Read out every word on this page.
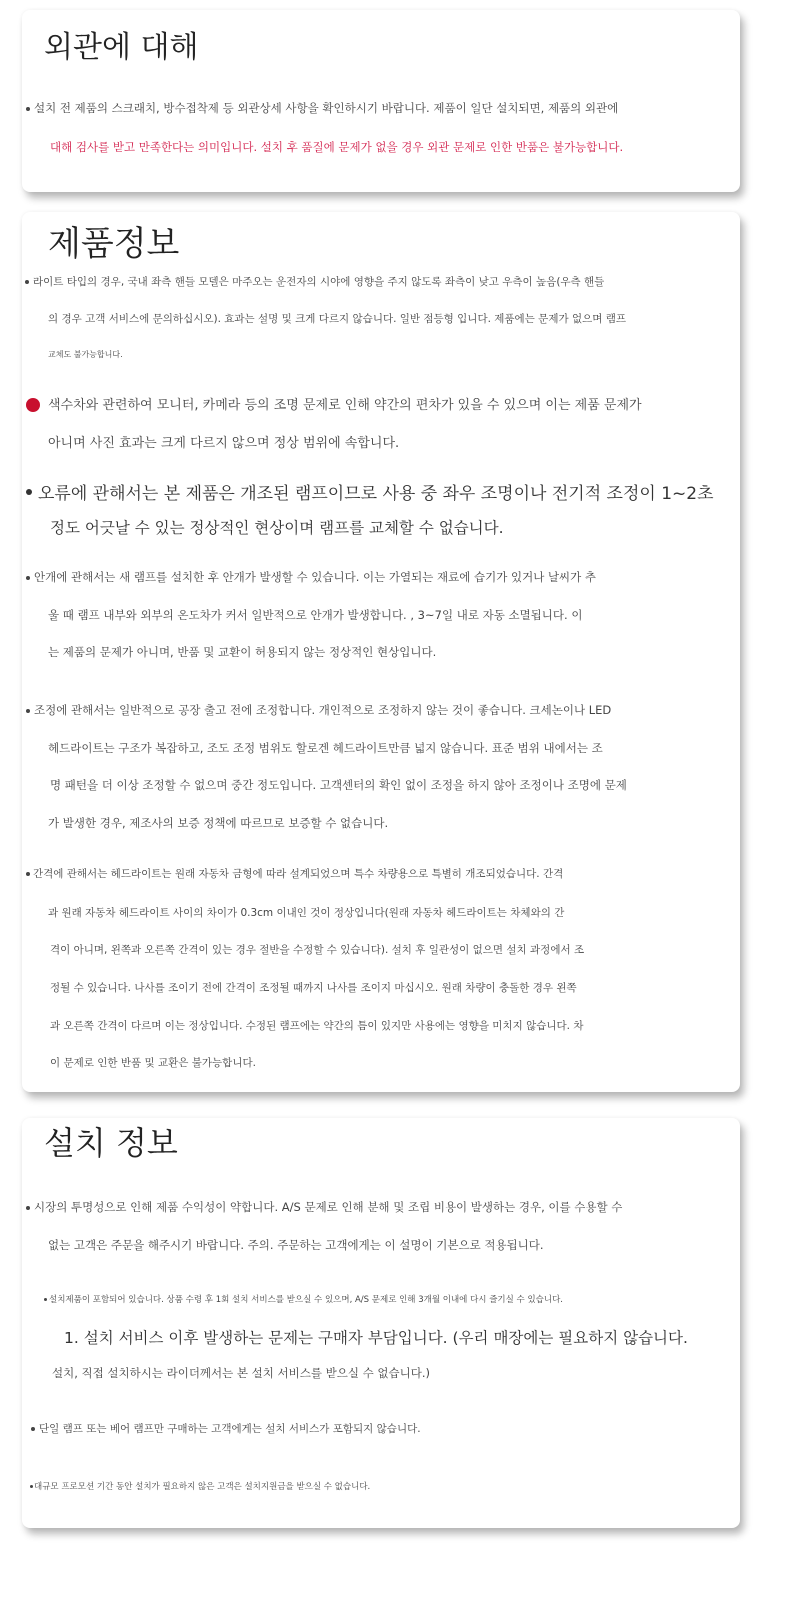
외관에 대해
설치 전 제품의 스크래치, 방수접착제 등 외관상세 사항을 확인하시기 바랍니다. 제품이 일단 설치되면, 제품의 외관에
대해 검사를 받고 만족한다는 의미입니다. 설치 후 품질에 문제가 없을 경우 외관 문제로 인한 반품은 불가능합니다.
제품정보
라이트 타입의 경우, 국내 좌측 핸들 모델은 마주오는 운전자의 시야에 영향을 주지 않도록 좌측이 낮고 우측이 높음(우측 핸들
의 경우 고객 서비스에 문의하십시오). 효과는 설명 및 크게 다르지 않습니다. 일반 점등형 입니다. 제품에는 문제가 없으며 램프
교체도 불가능합니다.
색수차와 관련하여 모니터, 카메라 등의 조명 문제로 인해 약간의 편차가 있을 수 있으며 이는 제품 문제가
아니며 사진 효과는 크게 다르지 않으며 정상 범위에 속합니다.
오류에 관해서는 본 제품은 개조된 램프이므로 사용 중 좌우 조명이나 전기적 조정이 1~2초
정도 어긋날 수 있는 정상적인 현상이며 램프를 교체할 수 없습니다.
안개에 관해서는 새 램프를 설치한 후 안개가 발생할 수 있습니다. 이는 가열되는 재료에 습기가 있거나 날씨가 추
울 때 램프 내부와 외부의 온도차가 커서 일반적으로 안개가 발생합니다. , 3~7일 내로 자동 소멸됩니다. 이
는 제품의 문제가 아니며, 반품 및 교환이 허용되지 않는 정상적인 현상입니다.
조정에 관해서는 일반적으로 공장 출고 전에 조정합니다. 개인적으로 조정하지 않는 것이 좋습니다. 크세논이나 LED
헤드라이트는 구조가 복잡하고, 조도 조정 범위도 할로겐 헤드라이트만큼 넓지 않습니다. 표준 범위 내에서는 조
명 패턴을 더 이상 조정할 수 없으며 중간 정도입니다. 고객센터의 확인 없이 조정을 하지 않아 조정이나 조명에 문제
가 발생한 경우, 제조사의 보증 정책에 따르므로 보증할 수 없습니다.
간격에 관해서는 헤드라이트는 원래 자동차 금형에 따라 설계되었으며 특수 차량용으로 특별히 개조되었습니다. 간격
과 원래 자동차 헤드라이트 사이의 차이가 0.3cm 이내인 것이 정상입니다(원래 자동차 헤드라이트는 차체와의 간
격이 아니며, 왼쪽과 오른쪽 간격이 있는 경우 절반을 수정할 수 있습니다). 설치 후 일관성이 없으면 설치 과정에서 조
정될 수 있습니다. 나사를 조이기 전에 간격이 조정될 때까지 나사를 조이지 마십시오. 원래 차량이 충돌한 경우 왼쪽
과 오른쪽 간격이 다르며 이는 정상입니다. 수정된 램프에는 약간의 틈이 있지만 사용에는 영향을 미치지 않습니다. 차
이 문제로 인한 반품 및 교환은 불가능합니다.
설치 정보
시장의 투명성으로 인해 제품 수익성이 약합니다. A/S 문제로 인해 분해 및 조립 비용이 발생하는 경우, 이를 수용할 수
없는 고객은 주문을 해주시기 바랍니다. 주의. 주문하는 고객에게는 이 설명이 기본으로 적용됩니다.
설치제품이 포함되어 있습니다. 상품 수령 후 1회 설치 서비스를 받으실 수 있으며, A/S 문제로 인해 3개월 이내에 다시 즐기실 수 있습니다.
1. 설치 서비스 이후 발생하는 문제는 구매자 부담입니다. (우리 매장에는 필요하지 않습니다.
설치, 직접 설치하시는 라이더께서는 본 설치 서비스를 받으실 수 없습니다.)
단일 램프 또는 베어 램프만 구매하는 고객에게는 설치 서비스가 포함되지 않습니다.
대규모 프로모션 기간 동안 설치가 필요하지 않은 고객은 설치지원금을 받으실 수 없습니다.
